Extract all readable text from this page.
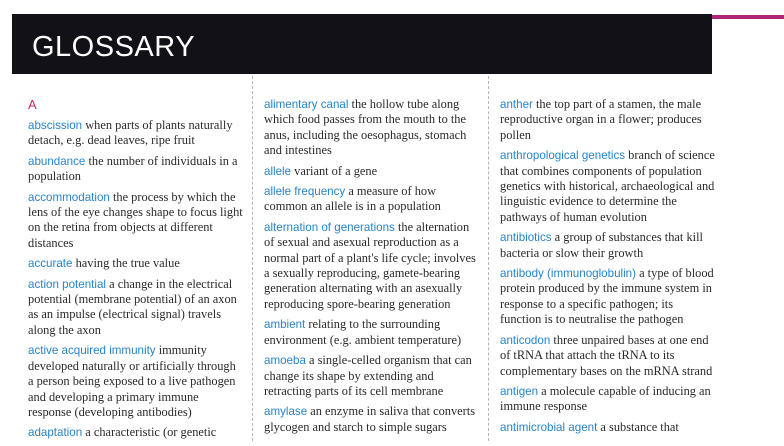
GLOSSARY
A
abscission when parts of plants naturally detach, e.g. dead leaves, ripe fruit
abundance the number of individuals in a population
accommodation the process by which the lens of the eye changes shape to focus light on the retina from objects at different distances
accurate having the true value
action potential a change in the electrical potential (membrane potential) of an axon as an impulse (electrical signal) travels along the axon
active acquired immunity immunity developed naturally or artificially through a person being exposed to a live pathogen and developing a primary immune response (developing antibodies)
adaptation a characteristic (or genetic
alimentary canal the hollow tube along which food passes from the mouth to the anus, including the oesophagus, stomach and intestines
allele variant of a gene
allele frequency a measure of how common an allele is in a population
alternation of generations the alternation of sexual and asexual reproduction as a normal part of a plant's life cycle; involves a sexually reproducing, gamete-bearing generation alternating with an asexually reproducing spore-bearing generation
ambient relating to the surrounding environment (e.g. ambient temperature)
amoeba a single-celled organism that can change its shape by extending and retracting parts of its cell membrane
amylase an enzyme in saliva that converts glycogen and starch to simple sugars
anther the top part of a stamen, the male reproductive organ in a flower; produces pollen
anthropological genetics branch of science that combines components of population genetics with historical, archaeological and linguistic evidence to determine the pathways of human evolution
antibiotics a group of substances that kill bacteria or slow their growth
antibody (immunoglobulin) a type of blood protein produced by the immune system in response to a specific pathogen; its function is to neutralise the pathogen
anticodon three unpaired bases at one end of tRNA that attach the tRNA to its complementary bases on the mRNA strand
antigen a molecule capable of inducing an immune response
antimicrobial agent a substance that
